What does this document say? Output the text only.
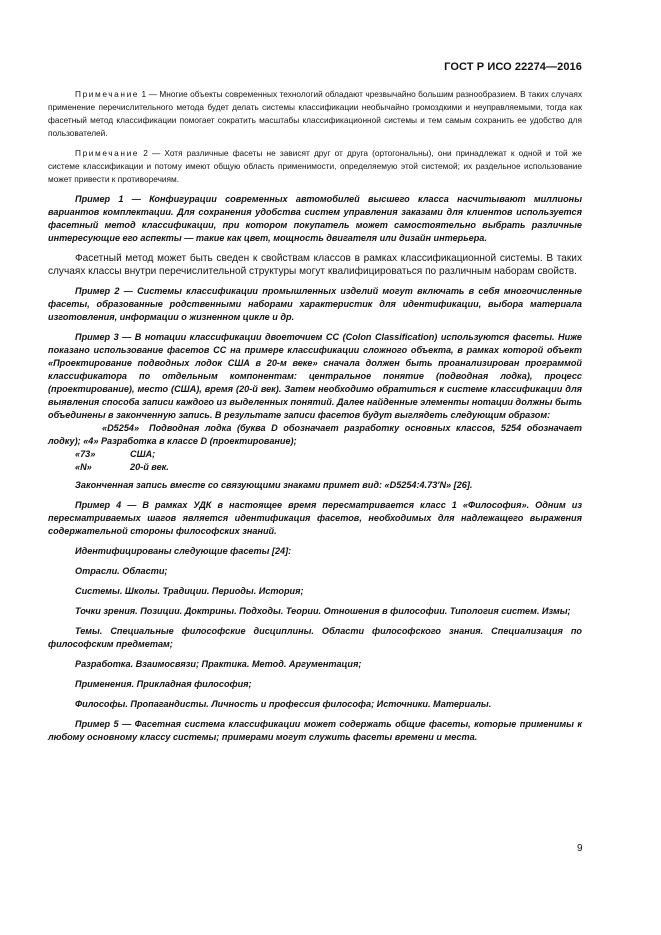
ГОСТ Р ИСО 22274—2016

Примечание 1 — Многие объекты современных технологий обладают чрезвычайно большим разнообразием. В таких случаях применение перечислительного метода будет делать системы классификации необычайно громоздкими и неуправляемыми, тогда как фасетный метод классификации помогает сократить масштабы классификационной системы и тем самым сохранить ее удобство для пользователей.

Примечание 2 — Хотя различные фасеты не зависят друг от друга (ортогональны), они принадлежат к одной и той же системе классификации и потому имеют общую область применимости, определяемую этой системой; их раздельное использование может привести к противоречиям.

Пример 1 — Конфигурации современных автомобилей высшего класса насчитывают миллионы вариантов комплектации. Для сохранения удобства систем управления заказами для клиентов используется фасетный метод классификации, при котором покупатель может самостоятельно выбрать различные интересующие его аспекты — такие как цвет, мощность двигателя или дизайн интерьера.

Фасетный метод может быть сведен к свойствам классов в рамках классификационной системы. В таких случаях классы внутри перечислительной структуры могут квалифицироваться по различным наборам свойств.

Пример 2 — Системы классификации промышленных изделий могут включать в себя многочисленные фасеты, образованные родственными наборами характеристик для идентификации, выбора материала изготовления, информации о жизненном цикле и др.

Пример 3 — В нотации классификации двоеточием СС (Colon Classification) используются фасеты. Ниже показано использование фасетов СС на примере классификации сложного объекта, в рамках которой объект «Проектирование подводных лодок США в 20-м веке» сначала должен быть проанализирован программой классификатора по отдельным компонентам: центральное понятие (подводная лодка), процесс (проектирование), место (США), время (20-й век). Затем необходимо обратиться к системе классификации для выявления способа записи каждого из выделенных понятий. Далее найденные элементы нотации должны быть объединены в законченную запись. В результате записи фасетов будут выглядеть следующим образом:

«D5254» Подводная лодка (буква D обозначает разработку основных классов, 5254 обозначает лодку); «4» Разработка в классе D (проектирование);
«73»	США;
«N»	20-й век.

Законченная запись вместе со связующими знаками примет вид: «D5254:4.73'N» [26].

Пример 4 — В рамках УДК в настоящее время пересматривается класс 1 «Философия». Одним из пересматриваемых шагов является идентификация фасетов, необходимых для надлежащего выражения содержательной стороны философских знаний.

Идентифицированы следующие фасеты [24]:

Отрасли. Области;

Системы. Школы. Традиции. Периоды. История;

Точки зрения. Позиции. Доктрины. Подходы. Теории. Отношения в философии. Типология систем. Измы;

Темы. Специальные философские дисциплины. Области философского знания. Специализация по философским предметам;

Разработка. Взаимосвязи; Практика. Метод. Аргументация;

Применения. Прикладная философия;

Философы. Пропагандисты. Личность и профессия философа; Источники. Материалы.

Пример 5 — Фасетная система классификации может содержать общие фасеты, которые применимы к любому основному классу системы; примерами могут служить фасеты времени и места.

9
